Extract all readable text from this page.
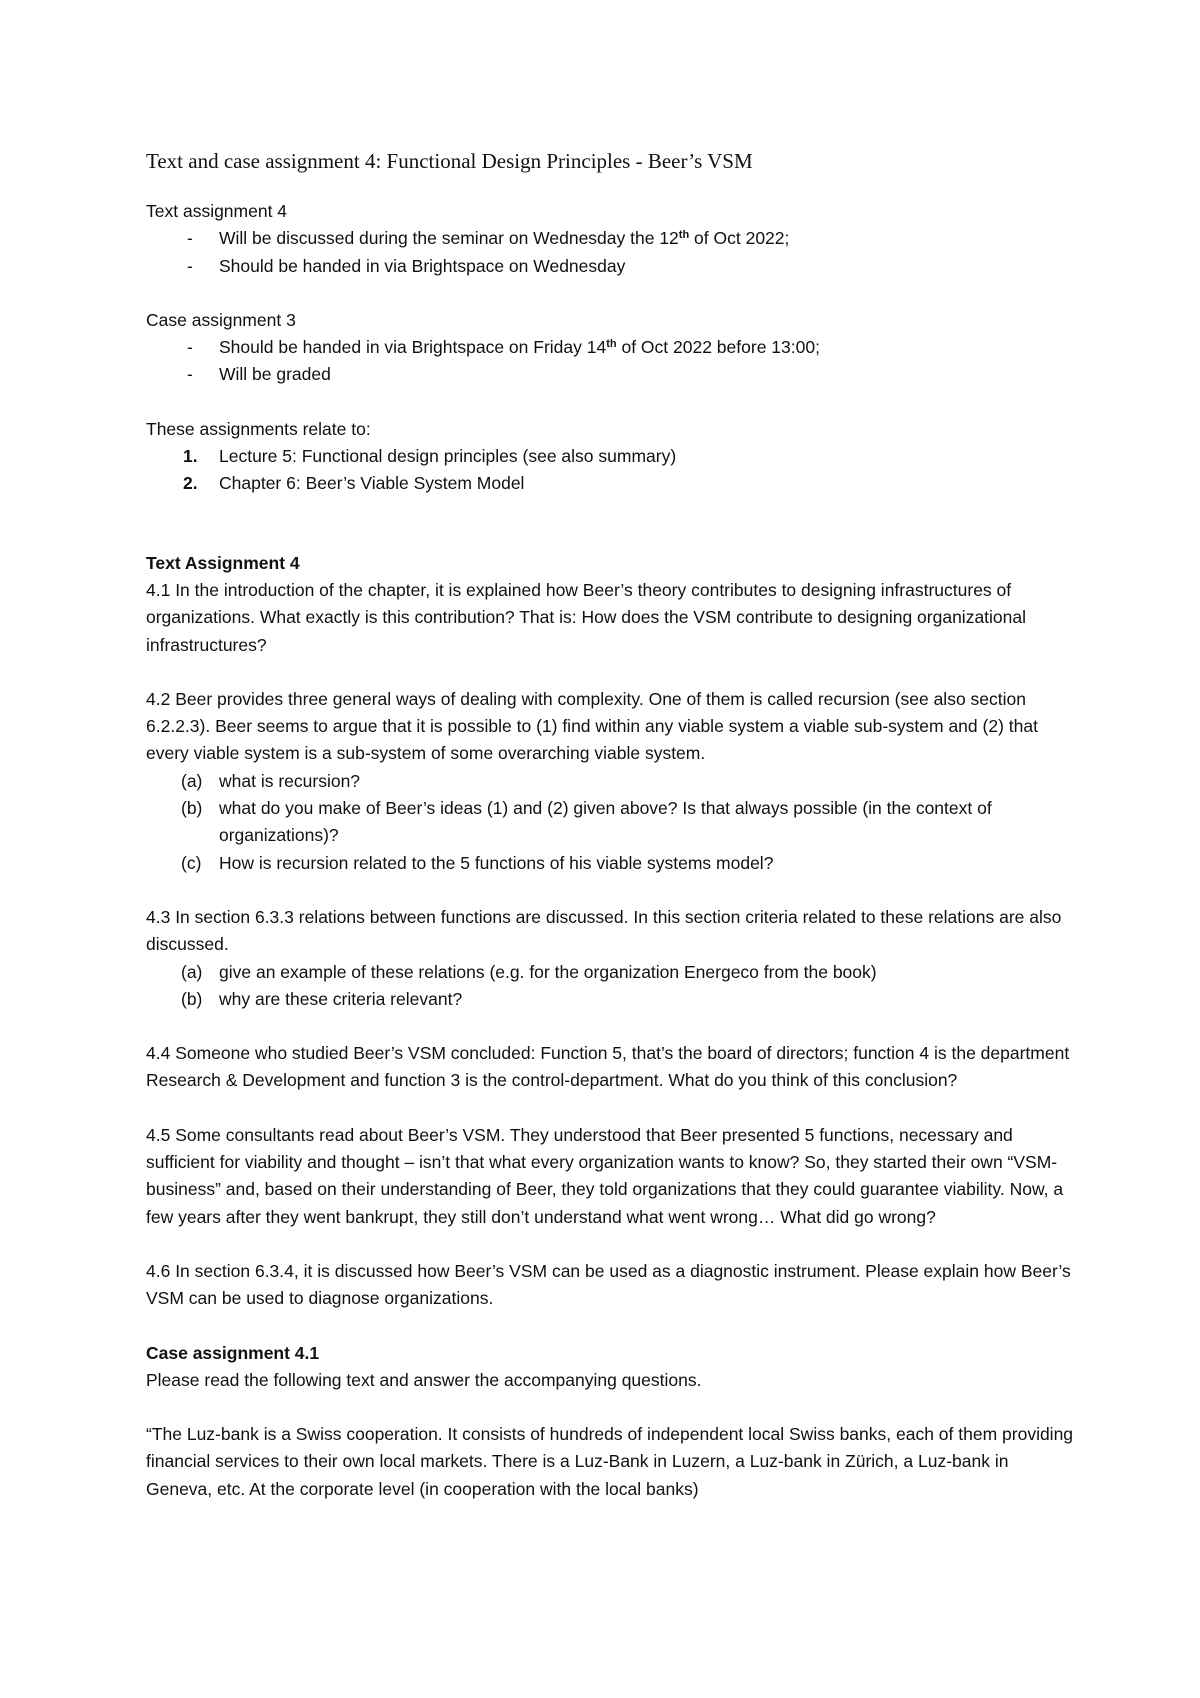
Text and case assignment 4: Functional Design Principles - Beer’s VSM

Text assignment 4

- Will be discussed during the seminar on Wednesday the 12th of Oct 2022;
- Should be handed in via Brightspace on Wednesday

Case assignment 3

- Should be handed in via Brightspace on Friday 14th of Oct 2022 before 13:00;
- Will be graded

These assignments relate to:

1. Lecture 5: Functional design principles (see also summary)
2. Chapter 6: Beer’s Viable System Model

Text Assignment 4

4.1 In the introduction of the chapter, it is explained how Beer’s theory contributes to designing infrastructures of organizations. What exactly is this contribution? That is: How does the VSM contribute to designing organizational infrastructures?

4.2 Beer provides three general ways of dealing with complexity. One of them is called recursion (see also section 6.2.2.3). Beer seems to argue that it is possible to (1) find within any viable system a viable sub-system and (2) that every viable system is a sub-system of some overarching viable system.

(a) what is recursion?
(b) what do you make of Beer’s ideas (1) and (2) given above? Is that always possible (in the context of organizations)?
(c) How is recursion related to the 5 functions of his viable systems model?

4.3 In section 6.3.3 relations between functions are discussed. In this section criteria related to these relations are also discussed.

(a) give an example of these relations (e.g. for the organization Energeco from the book)
(b) why are these criteria relevant?

4.4 Someone who studied Beer’s VSM concluded: Function 5, that’s the board of directors; function 4 is the department Research & Development and function 3 is the control-department. What do you think of this conclusion?

4.5 Some consultants read about Beer’s VSM. They understood that Beer presented 5 functions, necessary and sufficient for viability and thought – isn’t that what every organization wants to know? So, they started their own “VSM-business” and, based on their understanding of Beer, they told organizations that they could guarantee viability. Now, a few years after they went bankrupt, they still don’t understand what went wrong… What did go wrong?

4.6 In section 6.3.4, it is discussed how Beer’s VSM can be used as a diagnostic instrument. Please explain how Beer’s VSM can be used to diagnose organizations.

Case assignment 4.1

Please read the following text and answer the accompanying questions.

“The Luz-bank is a Swiss cooperation. It consists of hundreds of independent local Swiss banks, each of them providing financial services to their own local markets. There is a Luz-Bank in Luzern, a Luz-bank in Zürich, a Luz-bank in Geneva, etc. At the corporate level (in cooperation with the local banks)
